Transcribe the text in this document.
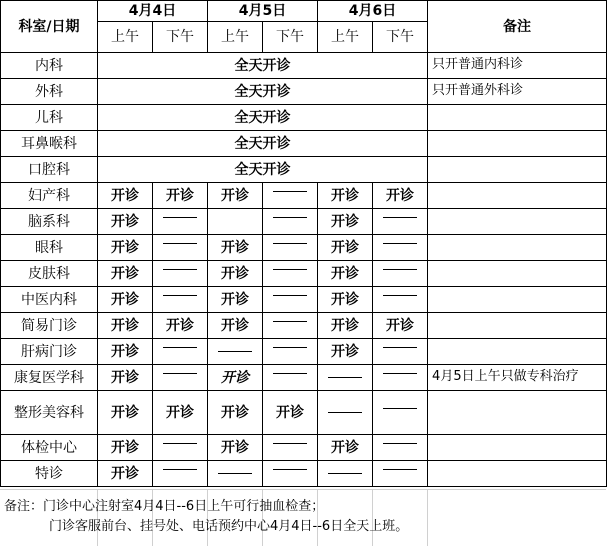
科室/日期	4月4日		4月5日		4月6日		备注
	上午	下午	上午	下午	上午	下午	
内科	全天开诊						只开普通内科诊
外科	全天开诊						只开普通外科诊
儿科	全天开诊						
耳鼻喉科	全天开诊						
口腔科	全天开诊						
妇产科	开诊	开诊	开诊		开诊	开诊	
脑系科	开诊				开诊		
眼科	开诊		开诊		开诊		
皮肤科	开诊		开诊		开诊		
中医内科	开诊		开诊		开诊		
简易门诊	开诊	开诊	开诊		开诊	开诊	
肝病门诊	开诊				开诊		
康复医学科	开诊		开诊				4月5日上午只做专科治疗
整形美容科	开诊	开诊	开诊	开诊			
体检中心	开诊		开诊		开诊		
特诊	开诊						
备注：门诊中心注射室4月4日--6日上午可行抽血检查；
门诊客服前台、挂号处、电话预约中心4月4日--6日全天上班。
